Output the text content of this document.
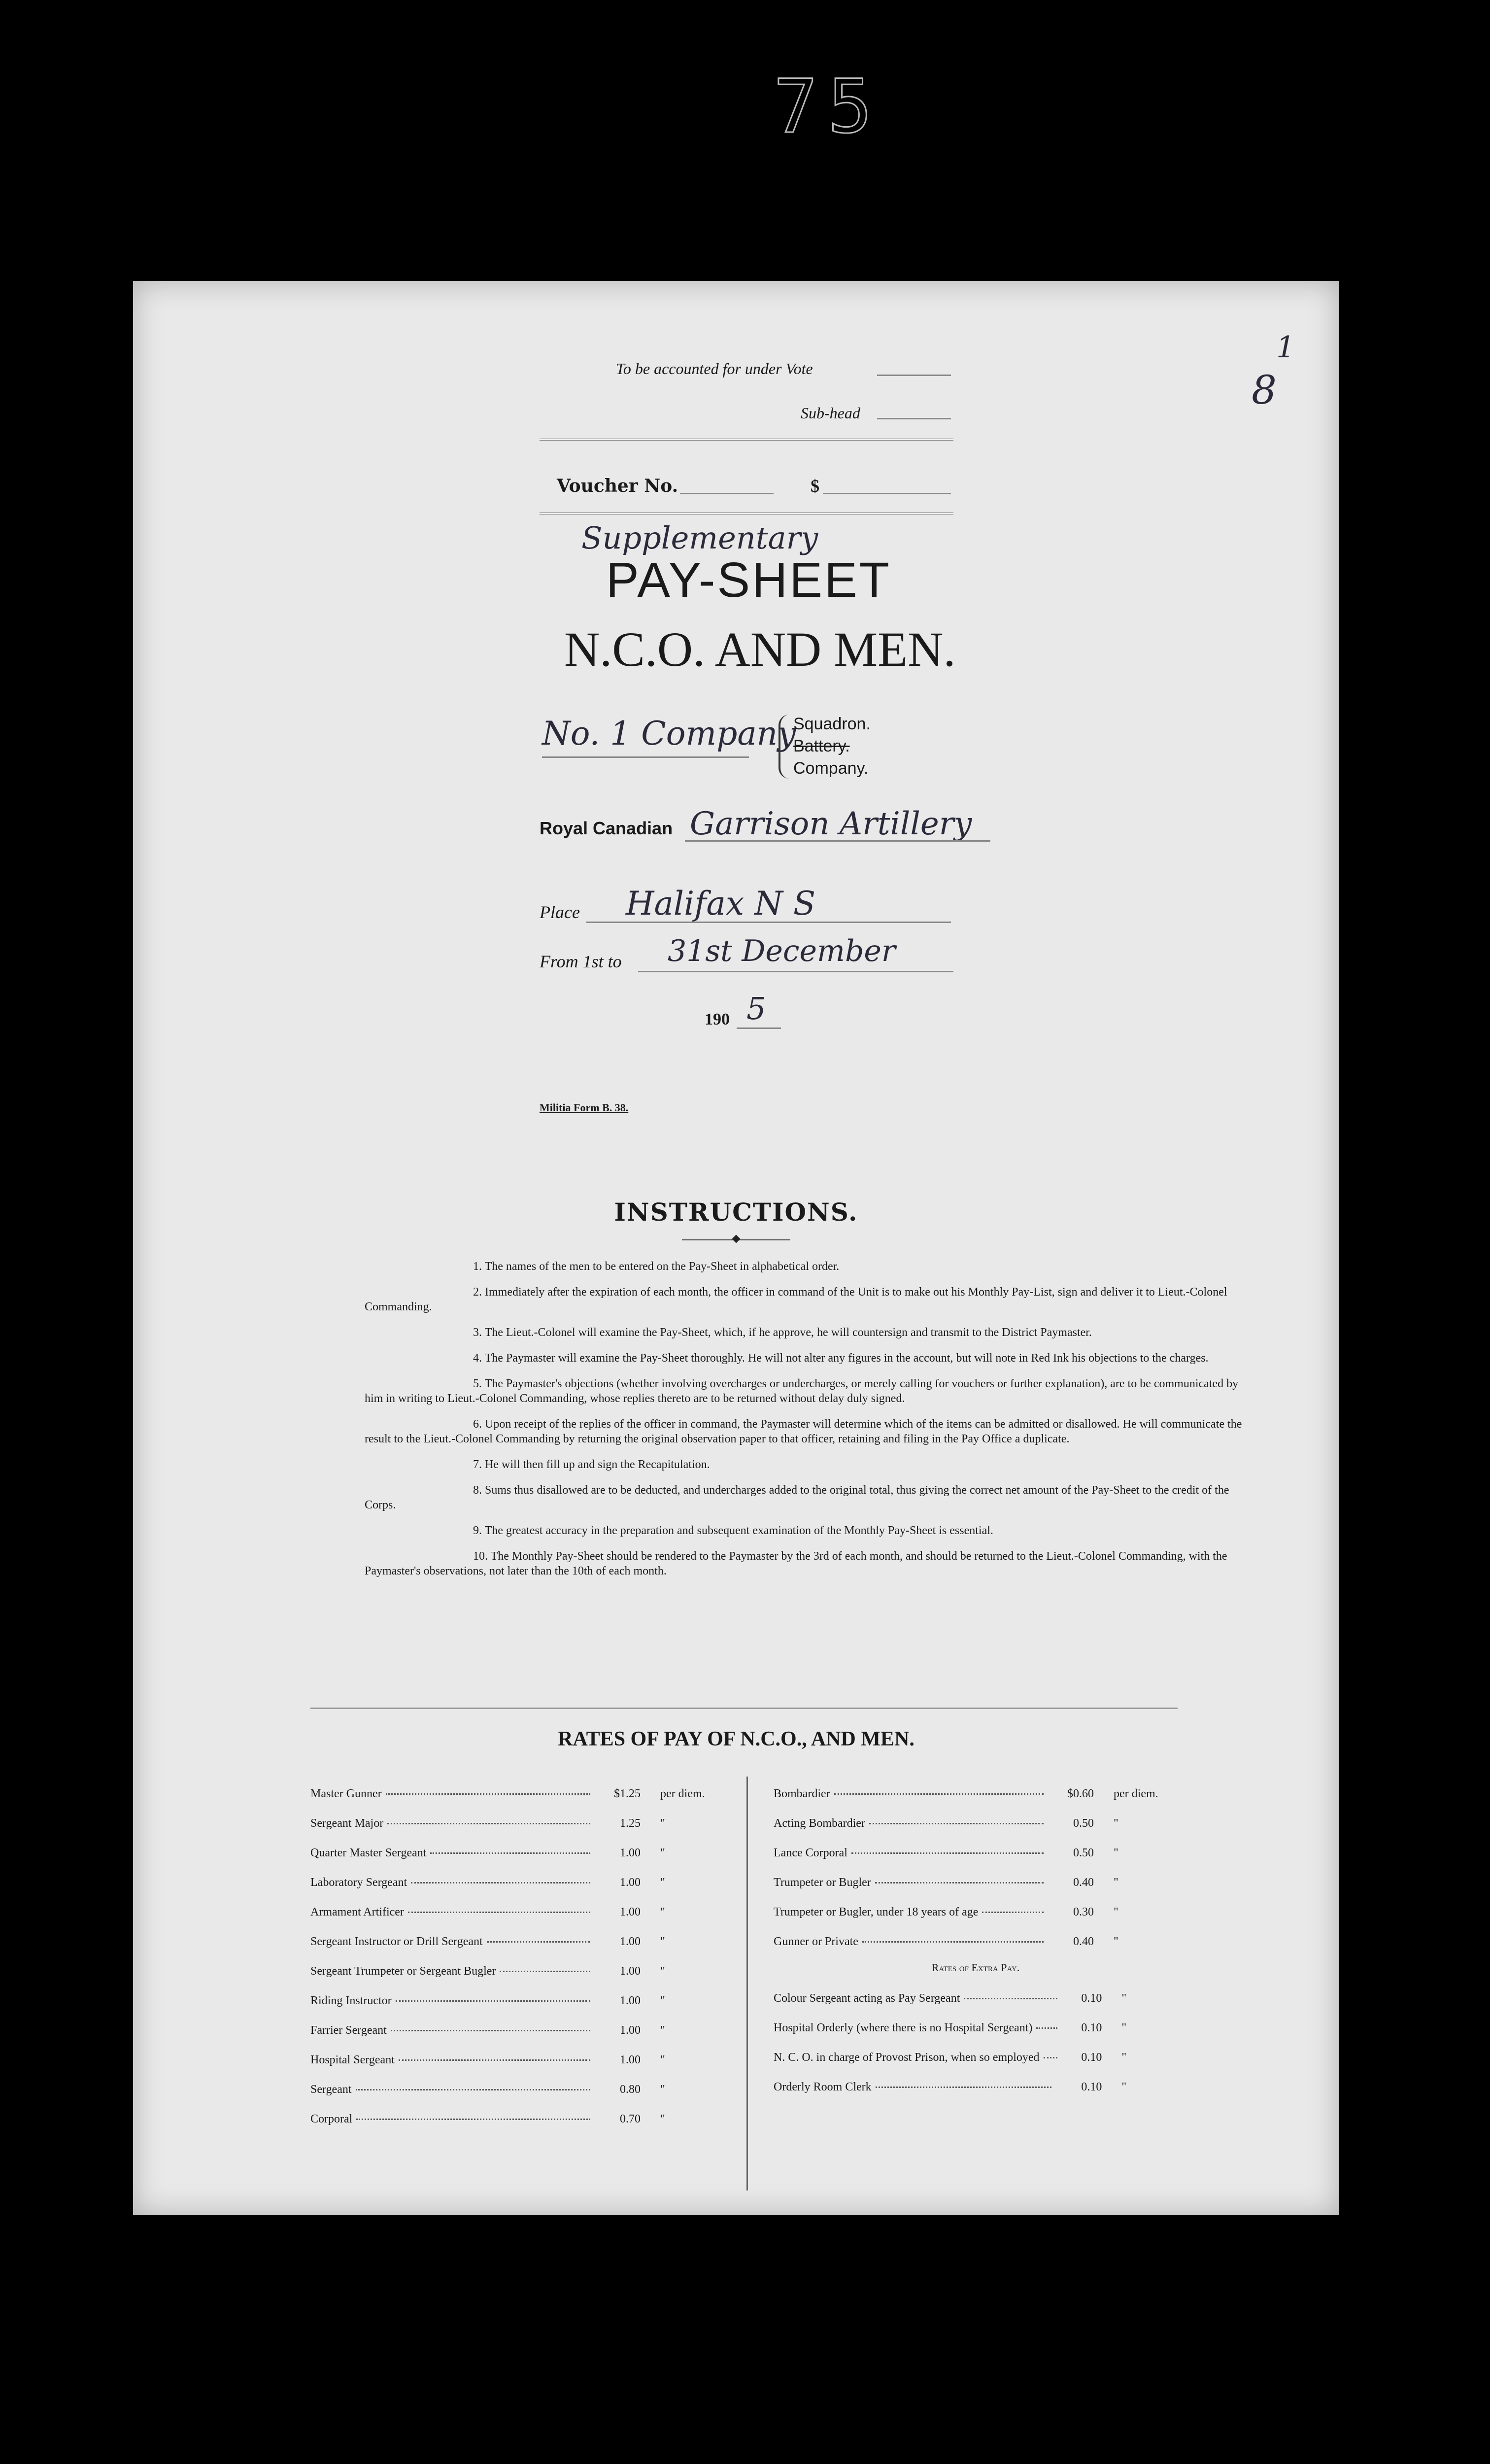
75
1
8
To be accounted for under Vote
Sub-head
Voucher No.	$
Supplementary
PAY-SHEET
N.C.O. AND MEN.
No. 1 Company
Squadron.
Battery.
Company.
Royal Canadian Garrison Artillery
Place Halifax N S
From 1st to 31st December
190 5
Militia Form B. 38.
INSTRUCTIONS.

1. The names of the men to be entered on the Pay-Sheet in alphabetical order.

2. Immediately after the expiration of each month, the officer in command of the Unit is to make out his Monthly Pay-List, sign and deliver it to Lieut.-Colonel Commanding.

3. The Lieut.-Colonel will examine the Pay-Sheet, which, if he approve, he will countersign and transmit to the District Paymaster.

4. The Paymaster will examine the Pay-Sheet thoroughly. He will not alter any figures in the account, but will note in Red Ink his objections to the charges.

5. The Paymaster's objections (whether involving overcharges or undercharges, or merely calling for vouchers or further explanation), are to be communicated by him in writing to Lieut.-Colonel Commanding, whose replies thereto are to be returned without delay duly signed.

6. Upon receipt of the replies of the officer in command, the Paymaster will determine which of the items can be admitted or disallowed. He will communicate the result to the Lieut.-Colonel Commanding by returning the original observation paper to that officer, retaining and filing in the Pay Office a duplicate.

7. He will then fill up and sign the Recapitulation.

8. Sums thus disallowed are to be deducted, and undercharges added to the original total, thus giving the correct net amount of the Pay-Sheet to the credit of the Corps.

9. The greatest accuracy in the preparation and subsequent examination of the Monthly Pay-Sheet is essential.

10. The Monthly Pay-Sheet should be rendered to the Paymaster by the 3rd of each month, and should be returned to the Lieut.-Colonel Commanding, with the Paymaster's observations, not later than the 10th of each month.

RATES OF PAY OF N.C.O., AND MEN.
Master Gunner	$1.25	per diem.
Sergeant Major	1.25	"
Quarter Master Sergeant	1.00	"
Laboratory Sergeant	1.00	"
Armament Artificer	1.00	"
Sergeant Instructor or Drill Sergeant	1.00	"
Sergeant Trumpeter or Sergeant Bugler	1.00	"
Riding Instructor	1.00	"
Farrier Sergeant	1.00	"
Hospital Sergeant	1.00	"
Sergeant	0.80	"
Corporal	0.70	"
Bombardier	$0.60	per diem.
Acting Bombardier	0.50	"
Lance Corporal	0.50	"
Trumpeter or Bugler	0.40	"
Trumpeter or Bugler, under 18 years of age	0.30	"
Gunner or Private	0.40	"
Rates of Extra Pay.
Colour Sergeant acting as Pay Sergeant	0.10	"
Hospital Orderly (where there is no Hospital Sergeant)	0.10	"
N. C. O. in charge of Provost Prison, when so employed	0.10	"
Orderly Room Clerk	0.10	"
